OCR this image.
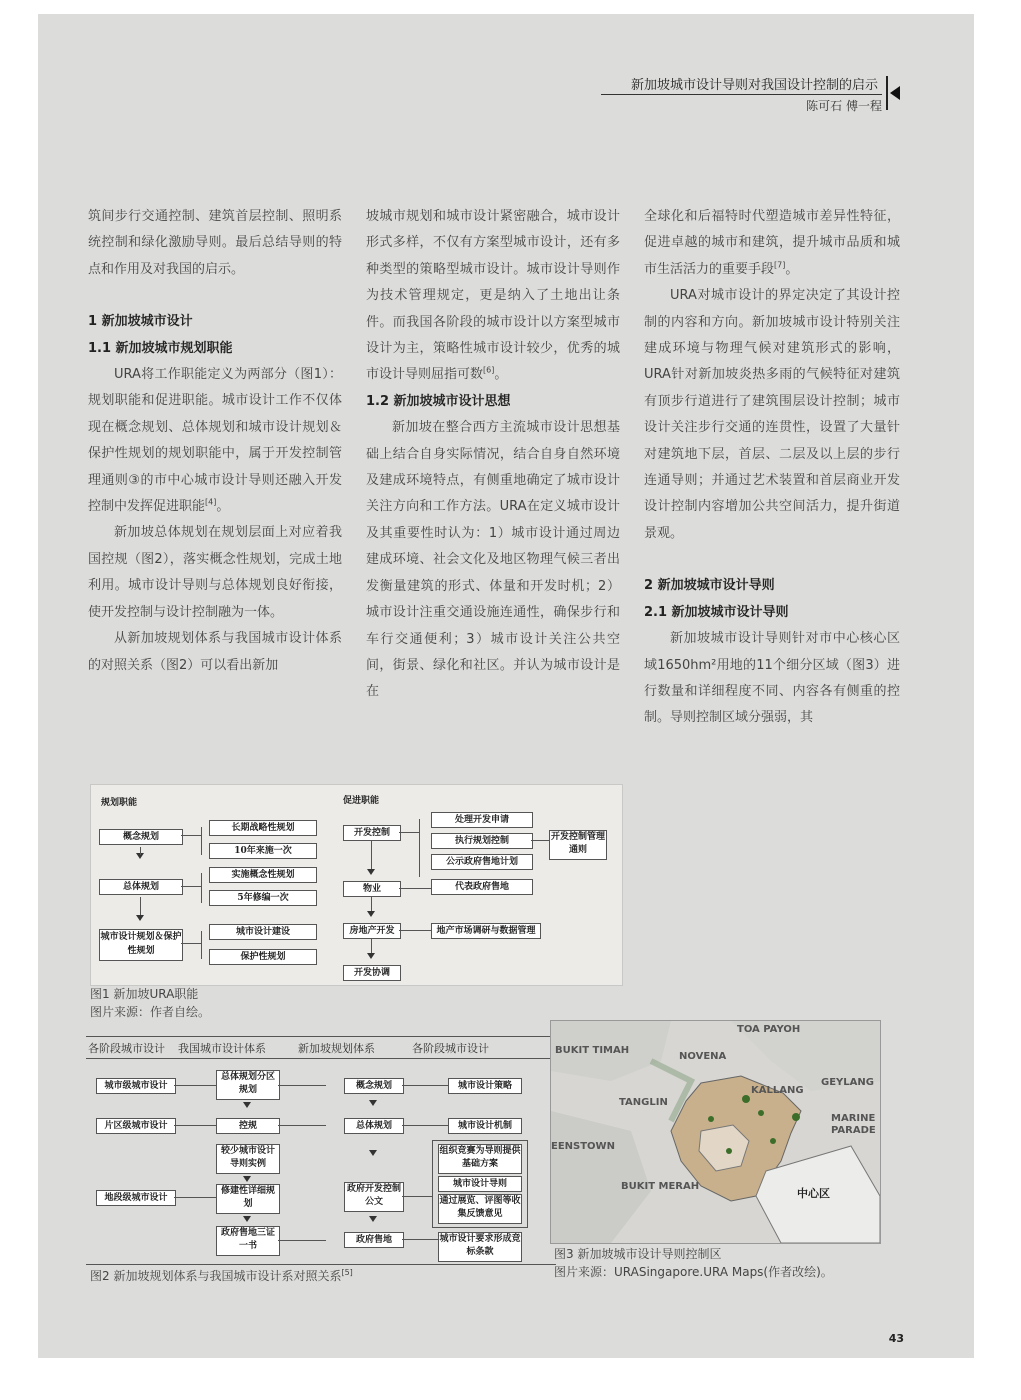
新加坡城市设计导则对我国设计控制的启示
陈可石 傅一程

筑间步行交通控制、建筑首层控制、照明系统控制和绿化激励导则。最后总结导则的特点和作用及对我国的启示。

1 新加坡城市设计
1.1 新加坡城市规划职能

URA将工作职能定义为两部分（图1）：规划职能和促进职能。城市设计工作不仅体现在概念规划、总体规划和城市设计规划＆保护性规划的规划职能中，属于开发控制管理通则③的市中心城市设计导则还融入开发控制中发挥促进职能[4]。

新加坡总体规划在规划层面上对应着我国控规（图2），落实概念性规划，完成土地利用。城市设计导则与总体规划良好衔接，使开发控制与设计控制融为一体。

从新加坡规划体系与我国城市设计体系的对照关系（图2）可以看出新加

坡城市规划和城市设计紧密融合，城市设计形式多样，不仅有方案型城市设计，还有多种类型的策略型城市设计。城市设计导则作为技术管理规定，更是纳入了土地出让条件。而我国各阶段的城市设计以方案型城市设计为主，策略性城市设计较少，优秀的城市设计导则屈指可数[6]。

1.2 新加坡城市设计思想

新加坡在整合西方主流城市设计思想基础上结合自身实际情况，结合自身自然环境及建成环境特点，有侧重地确定了城市设计关注方向和工作方法。URA在定义城市设计及其重要性时认为：1）城市设计通过周边建成环境、社会文化及地区物理气候三者出发衡量建筑的形式、体量和开发时机；2）城市设计注重交通设施连通性，确保步行和车行交通便利；3）城市设计关注公共空间，街景、绿化和社区。并认为城市设计是在

全球化和后福特时代塑造城市差异性特征，促进卓越的城市和建筑，提升城市品质和城市生活活力的重要手段[7]。

URA对城市设计的界定决定了其设计控制的内容和方向。新加坡城市设计特别关注建成环境与物理气候对建筑形式的影响，URA针对新加坡炎热多雨的气候特征对建筑有顶步行道进行了建筑围层设计控制；城市设计关注步行交通的连贯性，设置了大量针对建筑地下层，首层、二层及以上层的步行连通导则；并通过艺术装置和首层商业开发设计控制内容增加公共空间活力，提升街道景观。

2 新加坡城市设计导则
2.1 新加坡城市设计导则

新加坡城市设计导则针对市中心核心区域1650hm²用地的11个细分区域（图3）进行数量和详细程度不同、内容各有侧重的控制。导则控制区域分强弱，其

规划职能	促进职能
概念规划
总体规划
城市设计规划＆保护性规划
长期战略性规划
10年来施一次
实施概念性规划
5年修编一次
城市设计建设
保护性规划
开发控制
物业
房地产开发
开发协调
处理开发申请
执行规划控制
公示政府售地计划
代表政府售地
地产市场调研与数据管理
开发控制管理通则
图1 新加坡URA职能
图片来源：作者自绘。
各阶段城市设计 我国城市设计体系	新加坡规划体系	各阶段城市设计
城市级城市设计
片区级城市设计
地段级城市设计
总体规划分区规划
控规
较少城市设计导则实例
修建性详细规划
政府售地三证一书
概念规划
总体规划
政府开发控制公文
政府售地
城市设计策略
城市设计机制
组织竞赛为导则提供基础方案
城市设计导则
通过展览、评图等收集反馈意见
城市设计要求形成竞标条款
图2 新加坡规划体系与我国城市设计系对照关系[5]
TOA PAYOH
BUKIT TIMAH
NOVENA
KALLANG
GEYLANG
TANGLIN
MARINE PARADE
EENSTOWN
BUKIT MERAH
中心区
图3 新加坡城市设计导则控制区
图片来源：URASingapore.URA Maps(作者改绘)。
43
